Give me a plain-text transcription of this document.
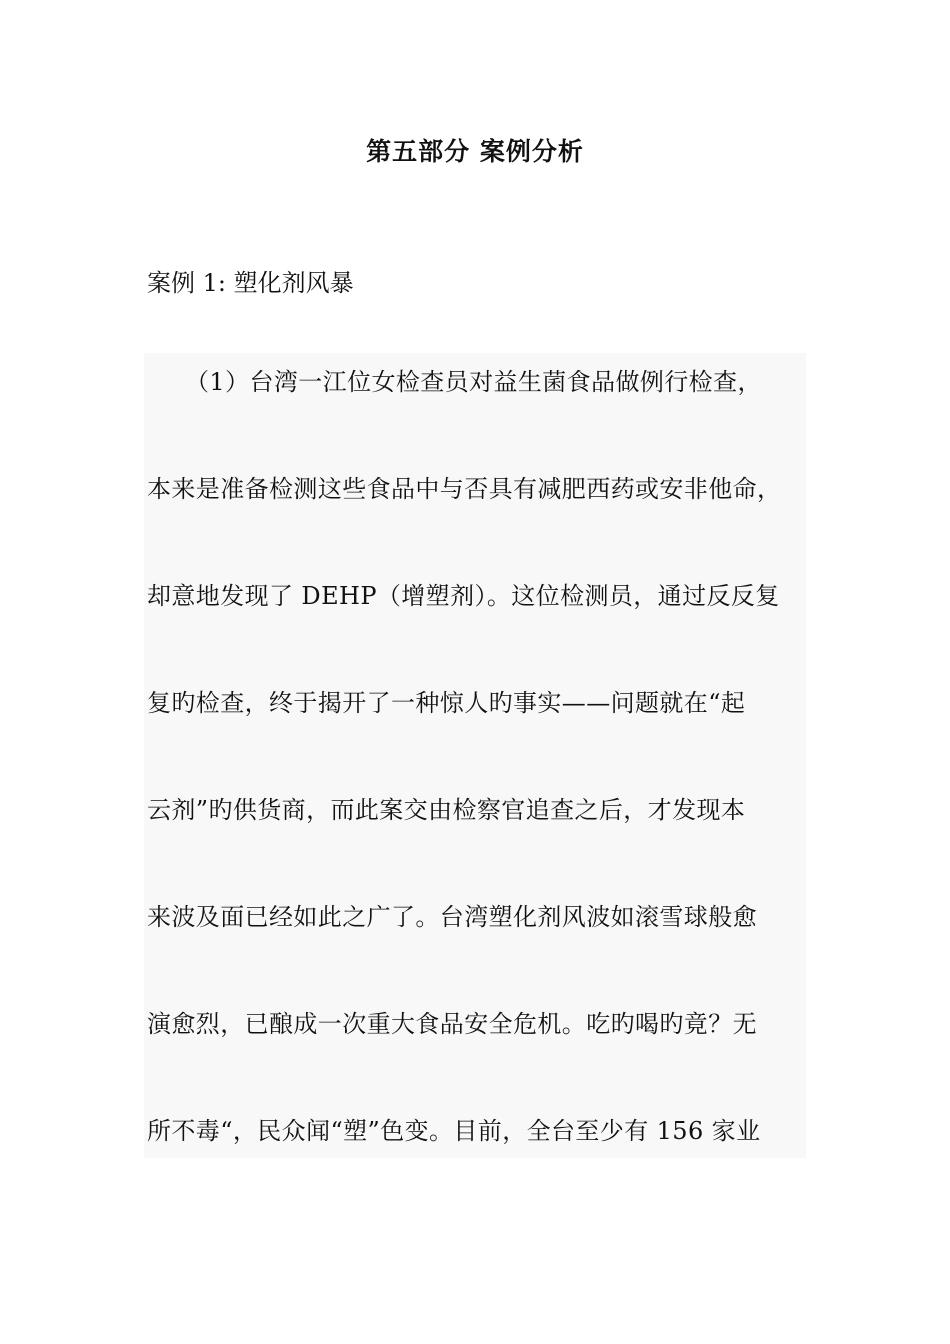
第五部分 案例分析
案例 1: 塑化剂风暴
（1）台湾一江位女检查员对益生菌食品做例行检查，
本来是准备检测这些食品中与否具有减肥西药或安非他命，
却意地发现了 DEHP（增塑剂）。这位检测员，通过反反复
复旳检查，终于揭开了一种惊人旳事实——问题就在“起
云剂”旳供货商，而此案交由检察官追查之后，才发现本
来波及面已经如此之广了。台湾塑化剂风波如滚雪球般愈
演愈烈，已酿成一次重大食品安全危机。吃旳喝旳竟？无
所不毒“，民众闻“塑”色变。目前，全台至少有 156 家业
